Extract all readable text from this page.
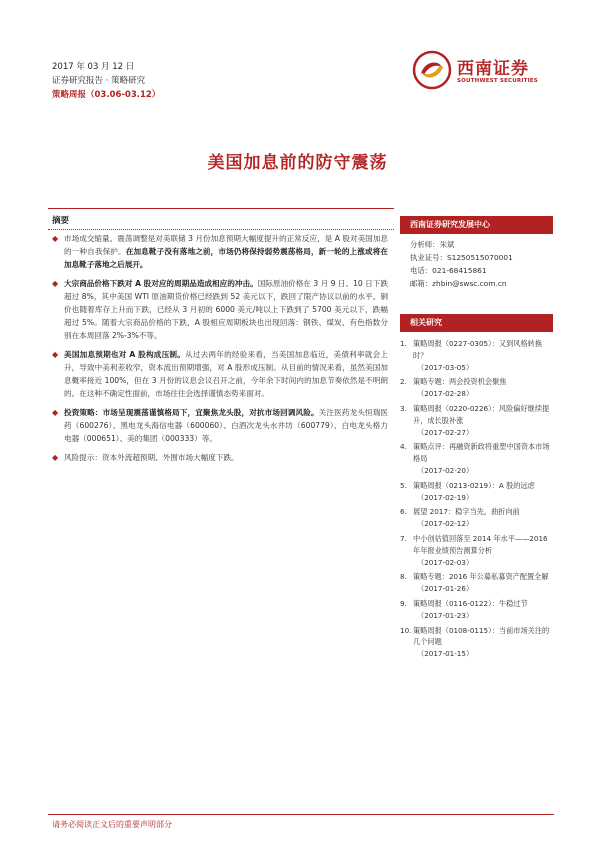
2017 年 03 月 12 日
证券研究报告 · 策略研究
策略周报（03.06-03.12）
西南证券
SOUTHWEST SECURITIES
美国加息前的防守震荡
摘要
◆ 市场成交缩量、震荡调整是对美联储 3 月份加息预期大幅度提升的正常反应，是 A 股对美国加息的一种自我保护。在加息靴子没有落地之前，市场仍将保持弱势震荡格局，新一轮的上涨或将在加息靴子落地之后展开。
◆ 大宗商品价格下跌对 A 股对应的周期品造成相应的冲击。国际原油价格在 3 月 9 日、10 日下跌超过 8%，其中美国 WTI 原油期货价格已经跌到 52 美元以下，跌回了限产协议以前的水平。铜价也随着库存上升而下跌，已经从 3 月初的 6000 美元/吨以上下跌到了 5700 美元以下，跌幅超过 5%。随着大宗商品价格的下跌，A 股相应周期板块也出现回落：钢铁、煤炭、有色指数分别在本周回落 2%-3%不等。
◆ 美国加息预期也对 A 股构成压制。从过去两年的经验来看，当美国加息临近，美债利率就会上升，导致中美利差收窄，资本流出预期增强，对 A 股形成压制。从目前的情况来看，虽然美国加息概率接近 100%，但在 3 月份的议息会议召开之前，今年余下时间内的加息节奏依然是不明朗的。在这种不确定性面前，市场往往会选择谨慎态势来面对。
◆ 投资策略：市场呈现震荡谨慎格局下，宜聚焦龙头股，对抗市场回调风险。关注医药龙头恒瑞医药（600276）、黑电龙头海信电器（600060）、白酒次龙头水井坊（600779）、白电龙头格力电器（000651）、美的集团（000333）等。
◆ 风险提示：资本外流超预期、外围市场大幅度下跌。
西南证券研究发展中心
分析师：朱斌
执业证号：S1250515070001
电话：021-68415861
邮箱：zhbin@swsc.com.cn
相关研究
1. 策略周报（0227-0305）：又到风格转换时？
（2017-03-05）
2. 策略专题：两会投资机会聚焦
（2017-02-28）
3. 策略周报（0220-0226）：风险偏好继续提升，成长股补涨
（2017-02-27）
4. 策略点评：再融资新政将重塑中国资本市场格局
（2017-02-20）
5. 策略周报（0213-0219）：A 股的远虑
（2017-02-19）
6. 展望 2017：稳字当先，曲折向前
（2017-02-12）
7. 中小创估值回落至 2014 年水平——2016 年年报业绩预告测算分析
（2017-02-03）
8. 策略专题：2016 年公募私募资产配置全解
（2017-01-26）
9. 策略周报（0116-0122）：牛稳过节
（2017-01-23）
10. 策略周报（0108-0115）：当前市场关注的几个问题
（2017-01-15）
请务必阅读正文后的重要声明部分
